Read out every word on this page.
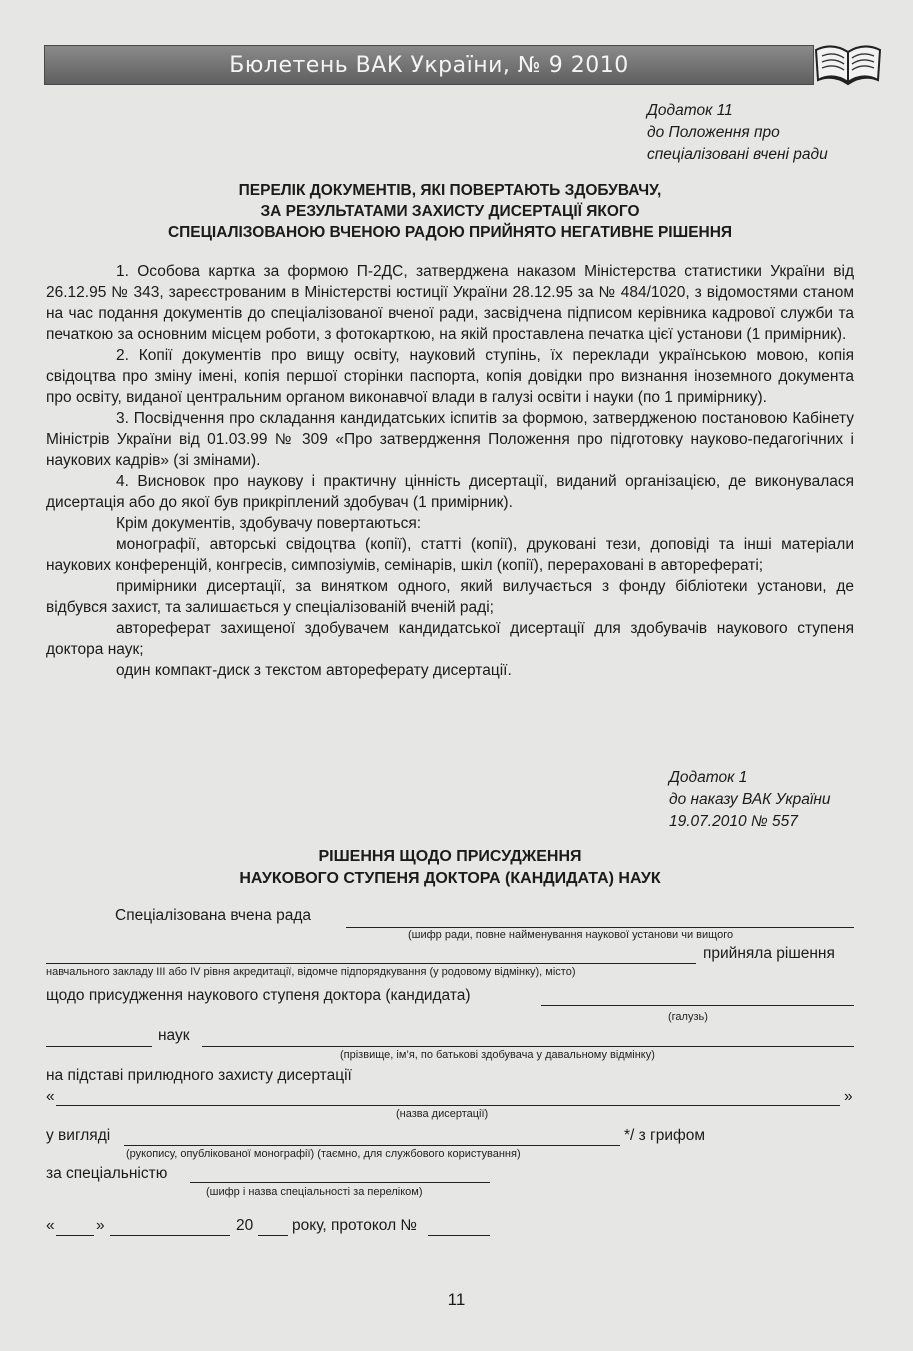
Бюлетень ВАК України, № 9 2010
Додаток 11
до Положення про
спеціалізовані вчені ради
ПЕРЕЛІК ДОКУМЕНТІВ, ЯКІ ПОВЕРТАЮТЬ ЗДОБУВАЧУ,
ЗА РЕЗУЛЬТАТАМИ ЗАХИСТУ ДИСЕРТАЦІЇ ЯКОГО
СПЕЦІАЛІЗОВАНОЮ ВЧЕНОЮ РАДОЮ ПРИЙНЯТО НЕГАТИВНЕ РІШЕННЯ

1. Особова картка за формою П-2ДС, затверджена наказом Міністерства статистики України від 26.12.95 № 343, зареєстрованим в Міністерстві юстиції України 28.12.95 за № 484/1020, з відомостями станом на час подання документів до спеціалізованої вченої ради, засвідчена підписом керівника кадрової служби та печаткою за основним місцем роботи, з фотокарткою, на якій проставлена печатка цієї установи (1 примірник).

2. Копії документів про вищу освіту, науковий ступінь, їх переклади українською мовою, копія свідоцтва про зміну імені, копія першої сторінки паспорта, копія довідки про визнання іноземного документа про освіту, виданої центральним органом виконавчої влади в галузі освіти і науки (по 1 примірнику).

3. Посвідчення про складання кандидатських іспитів за формою, затвердженою постановою Кабінету Міністрів України від 01.03.99 № 309 «Про затвердження Положення про підготовку науково-педагогічних і наукових кадрів» (зі змінами).

4. Висновок про наукову і практичну цінність дисертації, виданий організацією, де виконувалася дисертація або до якої був прикріплений здобувач (1 примірник).

Крім документів, здобувачу повертаються:

монографії, авторські свідоцтва (копії), статті (копії), друковані тези, доповіді та інші матеріали наукових конференцій, конгресів, симпозіумів, семінарів, шкіл (копії), перераховані в авторефераті;

примірники дисертації, за винятком одного, який вилучається з фонду бібліотеки установи, де відбувся захист, та залишається у спеціалізованій вченій раді;

автореферат захищеної здобувачем кандидатської дисертації для здобувачів наукового ступеня доктора наук;

один компакт-диск з текстом автореферату дисертації.

Додаток 1
до наказу ВАК України
19.07.2010 № 557
РІШЕННЯ ЩОДО ПРИСУДЖЕННЯ
НАУКОВОГО СТУПЕНЯ ДОКТОРА (КАНДИДАТА) НАУК
Спеціалізована вчена рада
(шифр ради, повне найменування наукової установи чи вищого
прийняла рішення
навчального закладу III або IV рівня акредитації, відомче підпорядкування (у родовому відмінку), місто)
щодо присудження наукового ступеня доктора (кандидата)
(галузь)
наук
(прізвище, ім’я, по батькові здобувача у давальному відмінку)
на підставі прилюдного захисту дисертації
«	»
(назва дисертації)
у вигляді	*/ з грифом
(рукопису, опублікованої монографії) (таємно, для службового користування)
за спеціальністю
(шифр і назва спеціальності за переліком)
«	»	20	року, протокол №
11
